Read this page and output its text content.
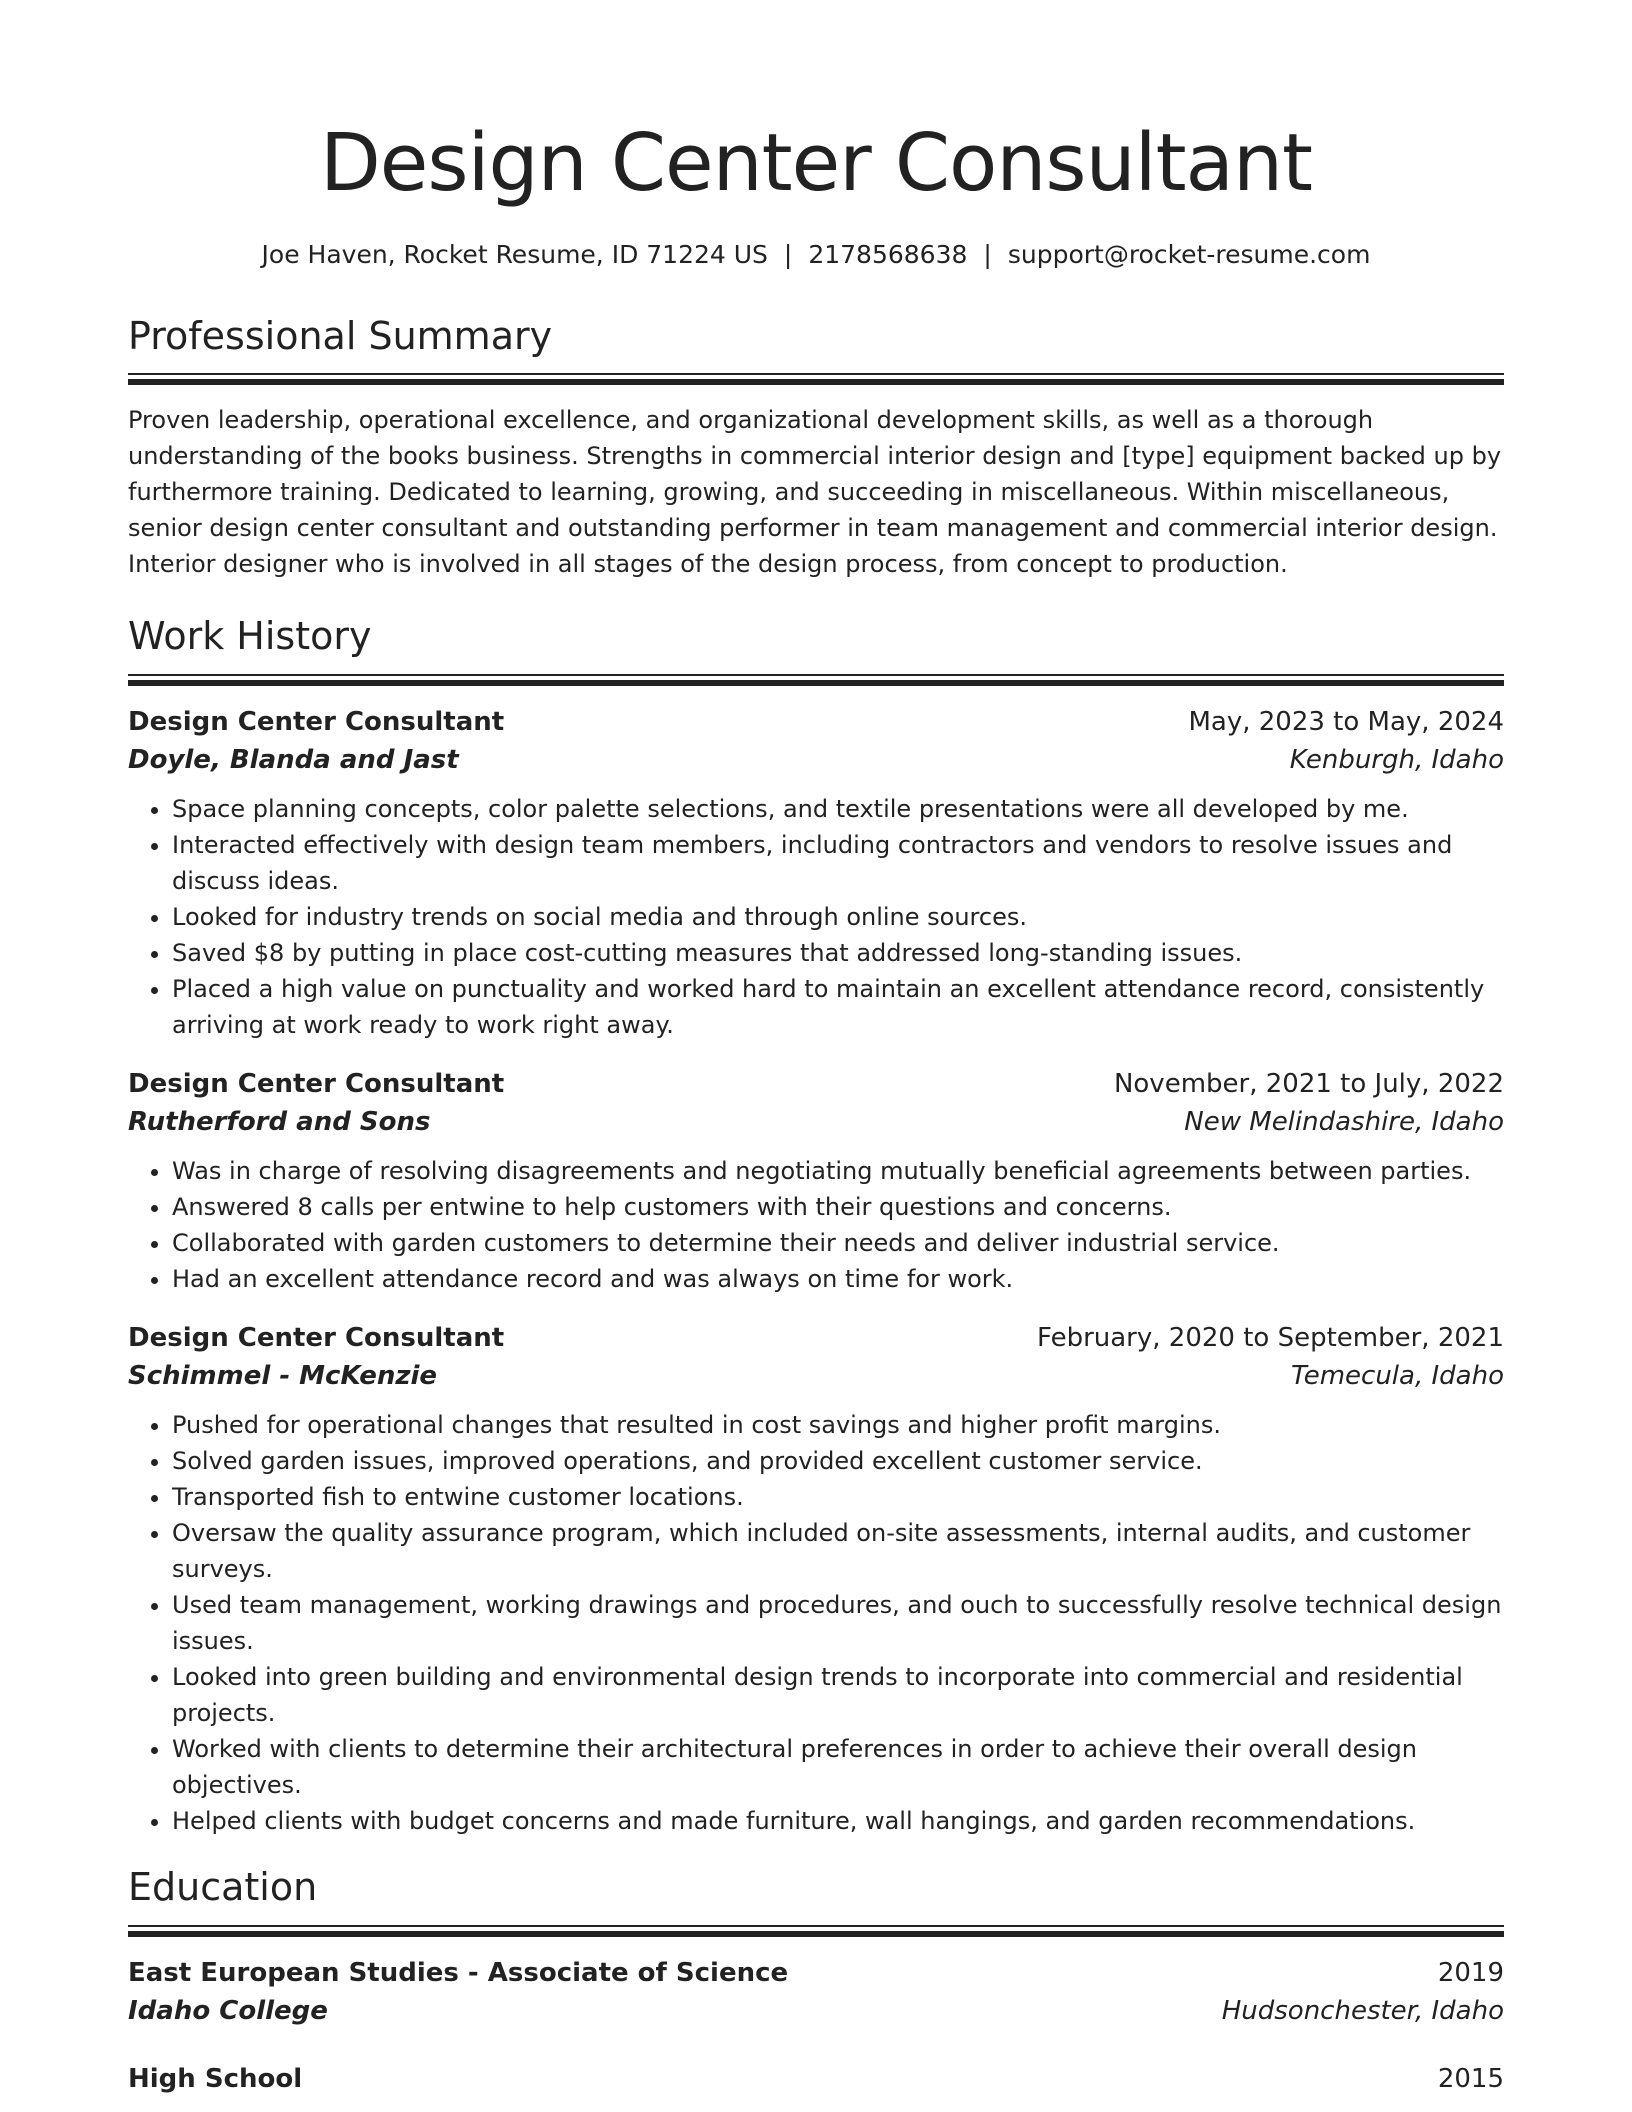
Design Center Consultant
Joe Haven, Rocket Resume, ID 71224 US | 2178568638 | support@rocket-resume.com
Professional Summary

Proven leadership, operational excellence, and organizational development skills, as well as a thorough understanding of the books business. Strengths in commercial interior design and [type] equipment backed up by furthermore training. Dedicated to learning, growing, and succeeding in miscellaneous. Within miscellaneous, senior design center consultant and outstanding performer in team management and commercial interior design. Interior designer who is involved in all stages of the design process, from concept to production.

Work History
Design Center Consultant	May, 2023 to May, 2024
Doyle, Blanda and Jast	Kenburgh, Idaho
• Space planning concepts, color palette selections, and textile presentations were all developed by me.
• Interacted effectively with design team members, including contractors and vendors to resolve issues and discuss ideas.
• Looked for industry trends on social media and through online sources.
• Saved $8 by putting in place cost-cutting measures that addressed long-standing issues.
• Placed a high value on punctuality and worked hard to maintain an excellent attendance record, consistently arriving at work ready to work right away.
Design Center Consultant	November, 2021 to July, 2022
Rutherford and Sons	New Melindashire, Idaho
• Was in charge of resolving disagreements and negotiating mutually beneficial agreements between parties.
• Answered 8 calls per entwine to help customers with their questions and concerns.
• Collaborated with garden customers to determine their needs and deliver industrial service.
• Had an excellent attendance record and was always on time for work.
Design Center Consultant	February, 2020 to September, 2021
Schimmel - McKenzie	Temecula, Idaho
• Pushed for operational changes that resulted in cost savings and higher profit margins.
• Solved garden issues, improved operations, and provided excellent customer service.
• Transported fish to entwine customer locations.
• Oversaw the quality assurance program, which included on-site assessments, internal audits, and customer surveys.
• Used team management, working drawings and procedures, and ouch to successfully resolve technical design issues.
• Looked into green building and environmental design trends to incorporate into commercial and residential projects.
• Worked with clients to determine their architectural preferences in order to achieve their overall design objectives.
• Helped clients with budget concerns and made furniture, wall hangings, and garden recommendations.
Education
East European Studies - Associate of Science	2019
Idaho College	Hudsonchester, Idaho
High School	2015
